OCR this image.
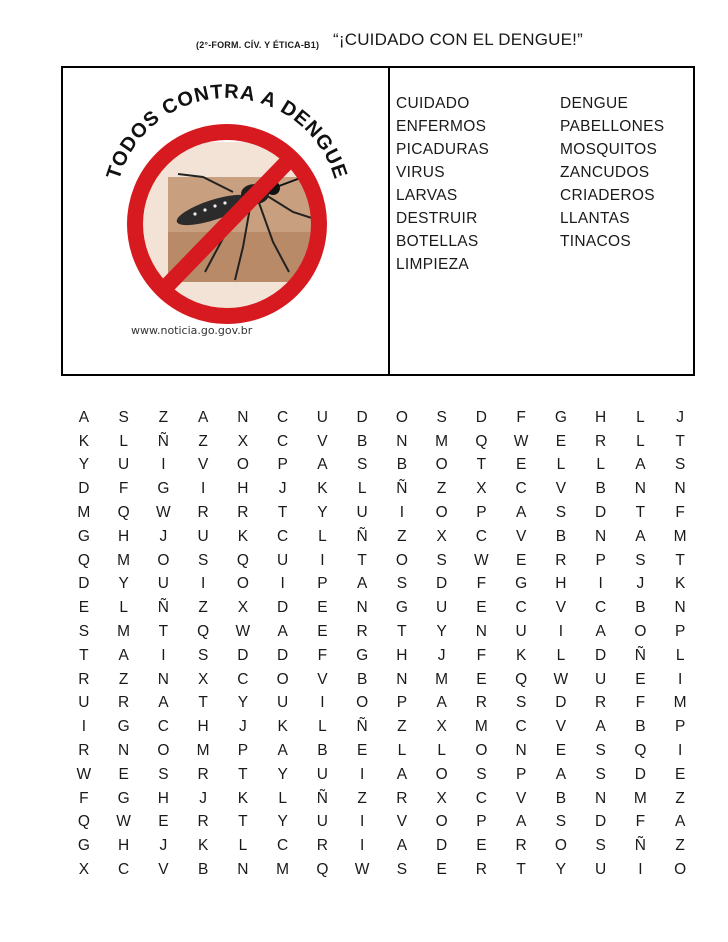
(2°-FORM. CÍV. Y ÉTICA-B1) “¡CUIDADO CON EL DENGUE!”
TODOS CONTRA A DENGUE
www.noticia.go.gov.br
CUIDADO	DENGUE
ENFERMOS	PABELLONES
PICADURAS	MOSQUITOS
VIRUS	ZANCUDOS
LARVAS	CRIADEROS
DESTRUIR	LLANTAS
BOTELLAS	TINACOS
LIMPIEZA
A	S	Z	A	N	C	U	D	O	S	D	F	G	H	L	J
K	L	Ñ	Z	X	C	V	B	N	M	Q	W	E	R	L	T
Y	U	I	V	O	P	A	S	B	O	T	E	L	L	A	S
D	F	G	I	H	J	K	L	Ñ	Z	X	C	V	B	N	N
M	Q	W	R	R	T	Y	U	I	O	P	A	S	D	T	F
G	H	J	U	K	C	L	Ñ	Z	X	C	V	B	N	A	M
Q	M	O	S	Q	U	I	T	O	S	W	E	R	P	S	T
D	Y	U	I	O	I	P	A	S	D	F	G	H	I	J	K
E	L	Ñ	Z	X	D	E	N	G	U	E	C	V	C	B	N
S	M	T	Q	W	A	E	R	T	Y	N	U	I	A	O	P
T	A	I	S	D	D	F	G	H	J	F	K	L	D	Ñ	L
R	Z	N	X	C	O	V	B	N	M	E	Q	W	U	E	I
U	R	A	T	Y	U	I	O	P	A	R	S	D	R	F	M
I	G	C	H	J	K	L	Ñ	Z	X	M	C	V	A	B	P
R	N	O	M	P	A	B	E	L	L	O	N	E	S	Q	I
W	E	S	R	T	Y	U	I	A	O	S	P	A	S	D	E
F	G	H	J	K	L	Ñ	Z	R	X	C	V	B	N	M	Z
Q	W	E	R	T	Y	U	I	V	O	P	A	S	D	F	A
G	H	J	K	L	C	R	I	A	D	E	R	O	S	Ñ	Z
X	C	V	B	N	M	Q	W	S	E	R	T	Y	U	I	O
